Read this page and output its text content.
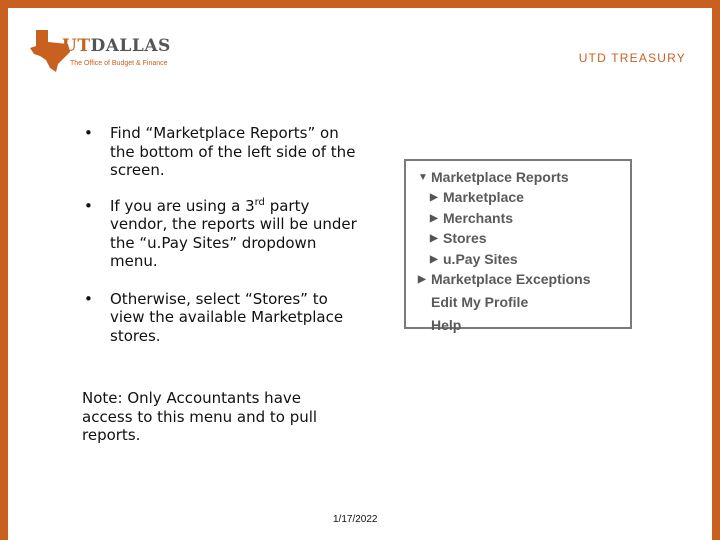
UTDALLAS
The Office of Budget & Finance	UTD TREASURY
• Find “Marketplace Reports” on the bottom of the left side of the screen.
• If you are using a 3rd party vendor, the reports will be under the “u.Pay Sites” dropdown menu.
• Otherwise, select “Stores” to view the available Marketplace stores.
Note: Only Accountants have access to this menu and to pull reports.
▼ Marketplace Reports
▶ Marketplace
▶ Merchants
▶ Stores
▶ u.Pay Sites
▶ Marketplace Exceptions
Edit My Profile
Help
1/17/2022
